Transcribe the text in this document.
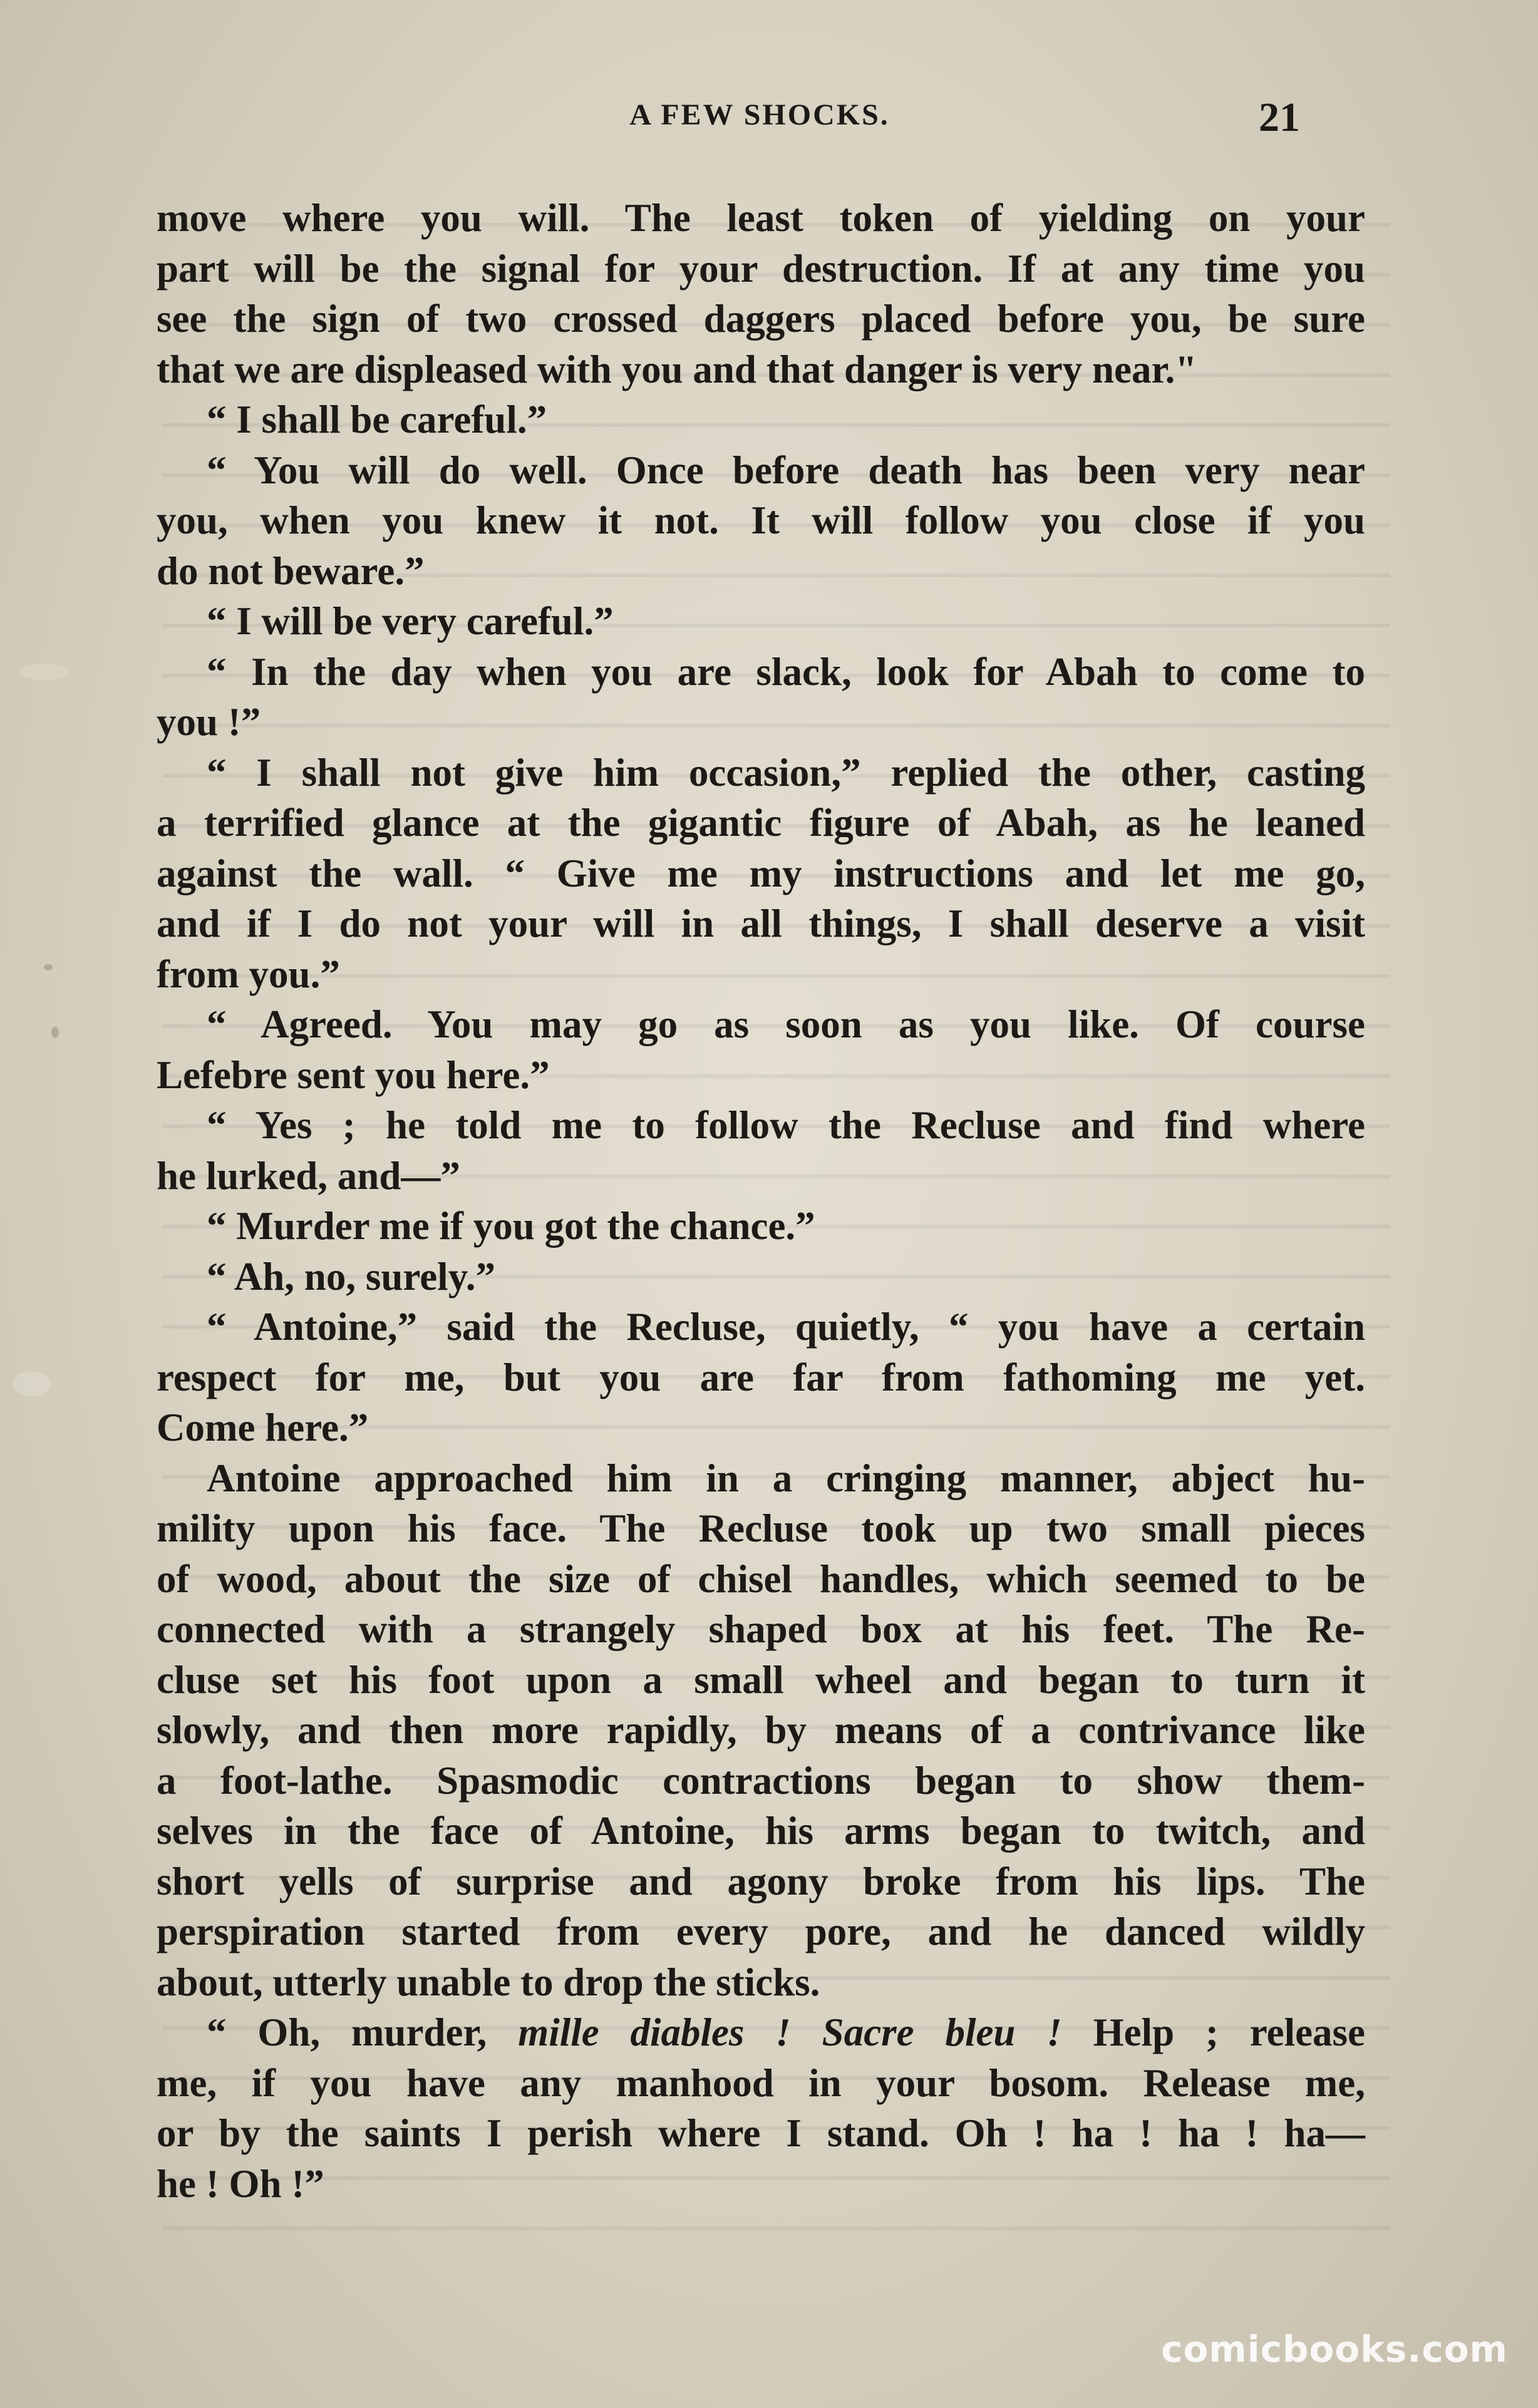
A FEW SHOCKS.	21

move where you will. The least token of yielding on your

part will be the signal for your destruction. If at any time you

see the sign of two crossed daggers placed before you, be sure

that we are displeased with you and that danger is very near."

“ I shall be careful.”

“ You will do well. Once before death has been very near

you, when you knew it not. It will follow you close if you

do not beware.”

“ I will be very careful.”

“ In the day when you are slack, look for Abah to come to

you !”

“ I shall not give him occasion,” replied the other, casting

a terrified glance at the gigantic figure of Abah, as he leaned

against the wall. “ Give me my instructions and let me go,

and if I do not your will in all things, I shall deserve a visit

from you.”

“ Agreed. You may go as soon as you like. Of course

Lefebre sent you here.”

“ Yes ; he told me to follow the Recluse and find where

he lurked, and—”

“ Murder me if you got the chance.”

“ Ah, no, surely.”

“ Antoine,” said the Recluse, quietly, “ you have a certain

respect for me, but you are far from fathoming me yet.

Come here.”

Antoine approached him in a cringing manner, abject hu-

mility upon his face. The Recluse took up two small pieces

of wood, about the size of chisel handles, which seemed to be

connected with a strangely shaped box at his feet. The Re-

cluse set his foot upon a small wheel and began to turn it

slowly, and then more rapidly, by means of a contrivance like

a foot-lathe. Spasmodic contractions began to show them-

selves in the face of Antoine, his arms began to twitch, and

short yells of surprise and agony broke from his lips. The

perspiration started from every pore, and he danced wildly

about, utterly unable to drop the sticks.

“ Oh, murder, mille diables ! Sacre bleu ! Help ; release

me, if you have any manhood in your bosom. Release me,

or by the saints I perish where I stand. Oh ! ha ! ha ! ha—

he ! Oh !”

comicbooks.com
